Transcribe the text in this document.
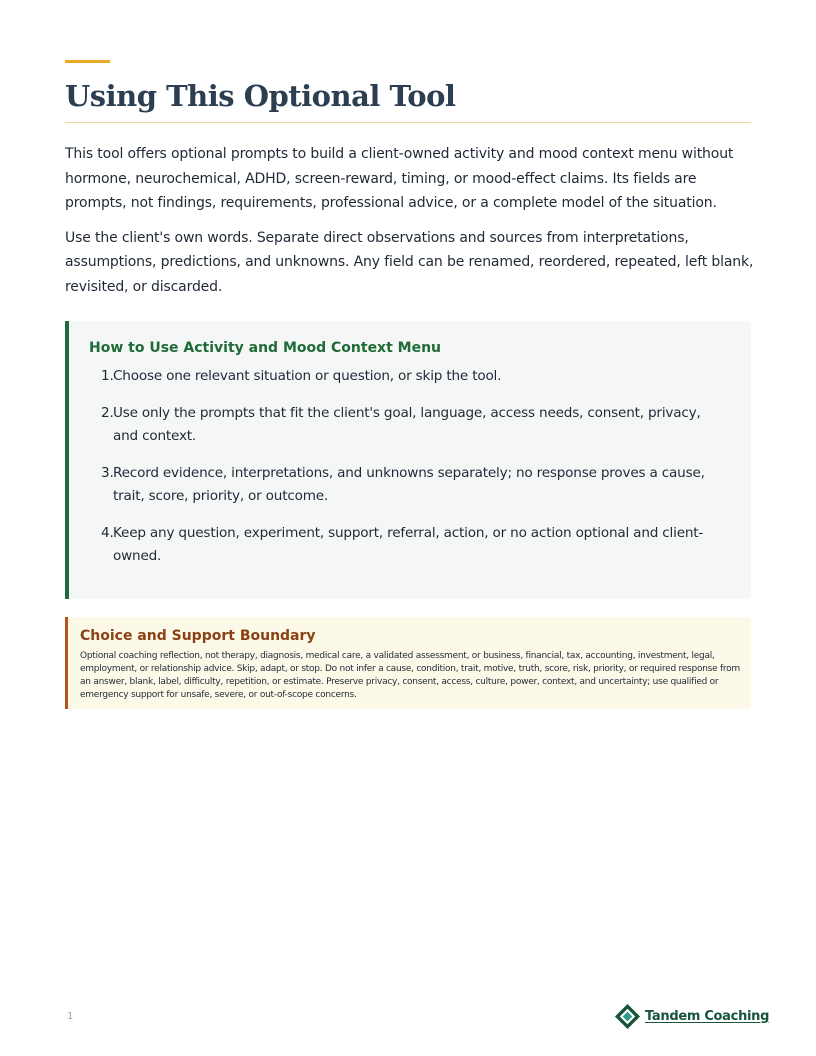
Using This Optional Tool

This tool offers optional prompts to build a client-owned activity and mood context menu without hormone, neurochemical, ADHD, screen-reward, timing, or mood-effect claims. Its fields are prompts, not findings, requirements, professional advice, or a complete model of the situation.

Use the client's own words. Separate direct observations and sources from interpretations, assumptions, predictions, and unknowns. Any field can be renamed, reordered, repeated, left blank, revisited, or discarded.

How to Use Activity and Mood Context Menu
1. Choose one relevant situation or question, or skip the tool.
2. Use only the prompts that fit the client's goal, language, access needs, consent, privacy, and context.
3. Record evidence, interpretations, and unknowns separately; no response proves a cause, trait, score, priority, or outcome.
4. Keep any question, experiment, support, referral, action, or no action optional and client-owned.
Choice and Support Boundary

Optional coaching reflection, not therapy, diagnosis, medical care, a validated assessment, or business, financial, tax, accounting, investment, legal, employment, or relationship advice. Skip, adapt, or stop. Do not infer a cause, condition, trait, motive, truth, score, risk, priority, or required response from an answer, blank, label, difficulty, repetition, or estimate. Preserve privacy, consent, access, culture, power, context, and uncertainty; use qualified or emergency support for unsafe, severe, or out-of-scope concerns.

1	Tandem Coaching
